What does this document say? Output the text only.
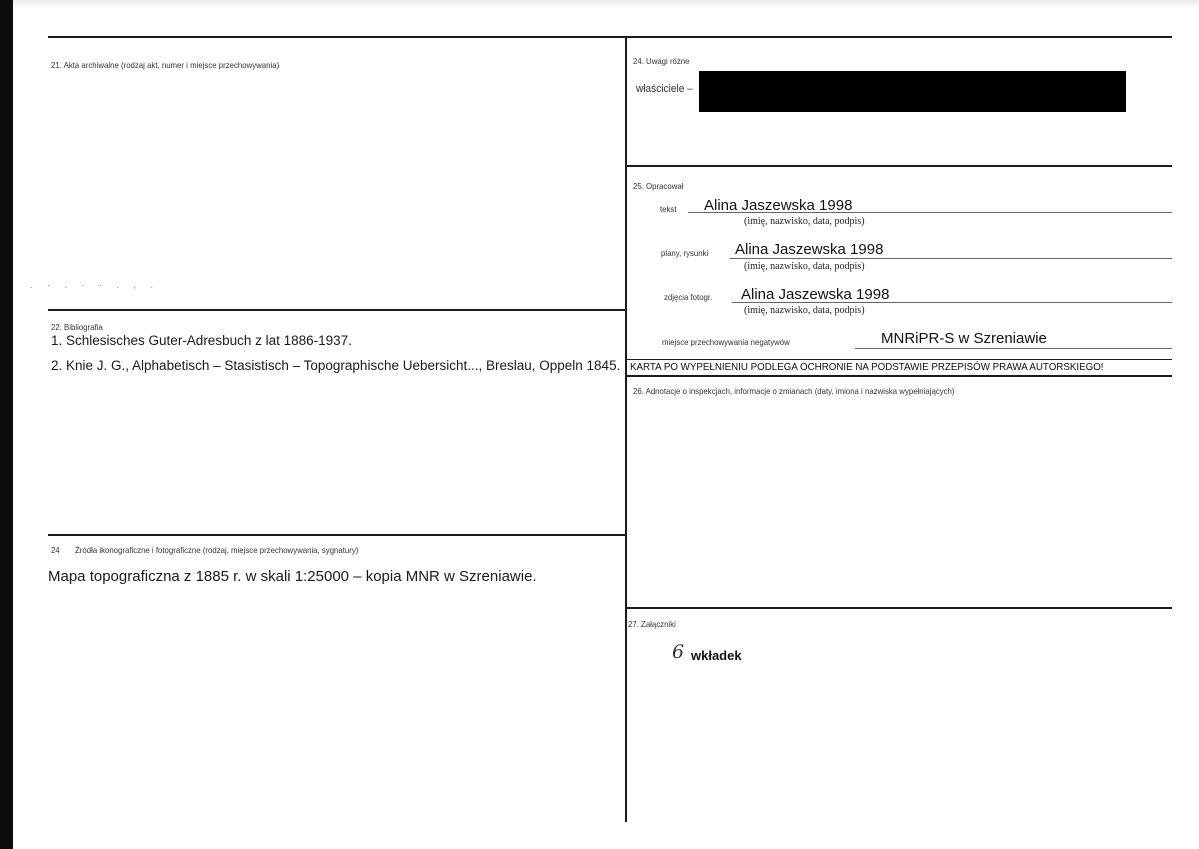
21. Akta archiwalne (rodzaj akt, numer i miejsce przechowywania)
. · . · · . , .
22. Bibliografia
1. Schlesisches Guter-Adresbuch z lat 1886-1937.
2. Knie J. G., Alphabetisch – Stasistisch – Topographische Uebersicht..., Breslau, Oppeln 1845.
24 Źródła ikonograficzne i fotograficzne (rodzaj, miejsce przechowywania, sygnatury)
Mapa topograficzna z 1885 r. w skali 1:25000 – kopia MNR w Szreniawie.
24. Uwagi różne
właściciele –
25. Opracował
tekst Alina Jaszewska 1998
(imię, nazwisko, data, podpis)
plany, rysunki Alina Jaszewska 1998
(imię, nazwisko, data, podpis)
zdjęcia fotogr. Alina Jaszewska 1998
(imię, nazwisko, data, podpis)
miejsce przechowywania negatywów	MNRiPR-S w Szreniawie
KARTA PO WYPEŁNIENIU PODLEGA OCHRONIE NA PODSTAWIE PRZEPISÓW PRAWA AUTORSKIEGO!
26. Adnotacje o inspekcjach, informacje o zmianach (daty, imiona i nazwiska wypełniających)
27. Załączniki
6 wkładek
